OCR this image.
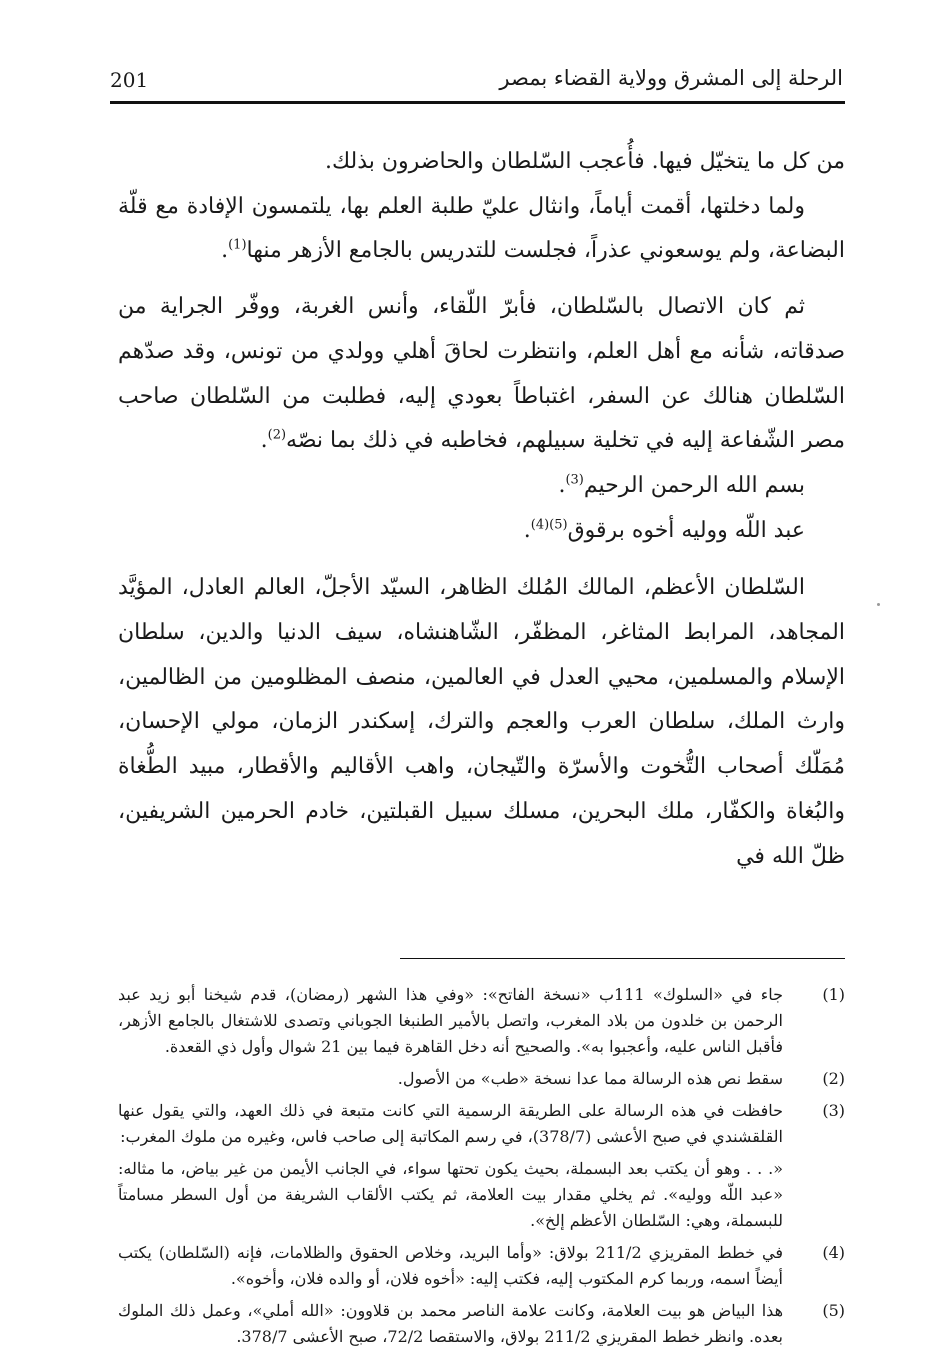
الرحلة إلى المشرق وولاية القضاء بمصر
201

من كل ما يتخيّل فيها. فأُعجب السّلطان والحاضرون بذلك.

ولما دخلتها، أقمت أياماً، وانثال عليّ طلبة العلم بها، يلتمسون الإفادة مع قلّة البضاعة، ولم يوسعوني عذراً، فجلست للتدريس بالجامع الأزهر منها$^{(1)}$.

ثم كان الاتصال بالسّلطان، فأبرّ اللّقاء، وأنس الغربة، ووفّر الجراية من صدقاته، شأنه مع أهل العلم، وانتظرت لحاقَ أهلي وولدي من تونس، وقد صدّهم السّلطان هنالك عن السفر، اغتباطاً بعودي إليه، فطلبت من السّلطان صاحب مصر الشّفاعة إليه في تخلية سبيلهم، فخاطبه في ذلك بما نصّه$^{(2)}$.

بسم الله الرحمن الرحيم$^{(3)}$.

عبد اللّه ووليه أخوه برقوق$^{(4)(5)}$.

السّلطان الأعظم، المالك المُلك الظاهر، السيّد الأجلّ، العالم العادل، المؤيَّد المجاهد، المرابط المثاغر، المظفّر، الشّاهنشاه، سيف الدنيا والدين، سلطان الإسلام والمسلمين، محيي العدل في العالمين، منصف المظلومين من الظالمين، وارث الملك، سلطان العرب والعجم والترك، إسكندر الزمان، مولي الإحسان، مُمَلّك أصحاب التُّخوت والأسرّة والتّيجان، واهب الأقاليم والأقطار، مبيد الطُّغاة والبُغاة والكفّار، ملك البحرين، مسلك سبيل القبلتين، خادم الحرمين الشريفين، ظلّ الله في

(1)
جاء في «السلوك» 111ب «نسخة الفاتح»: «وفي هذا الشهر (رمضان)، قدم شيخنا أبو زيد عبد الرحمن بن خلدون من بلاد المغرب، واتصل بالأمير الطنبغا الجوباني وتصدى للاشتغال بالجامع الأزهر، فأقبل الناس عليه، وأعجبوا به». والصحيح أنه دخل القاهرة فيما بين 21 شوال وأول ذي القعدة.
(2)
سقط نص هذه الرسالة مما عدا نسخة «طب» من الأصول.
(3)
حافظت في هذه الرسالة على الطريقة الرسمية التي كانت متبعة في ذلك العهد، والتي يقول عنها القلقشندي في صبح الأعشى (378/7)، في رسم المكاتبة إلى صاحب فاس، وغيره من ملوك المغرب:
«. . . وهو أن يكتب بعد البسملة، بحيث يكون تحتها سواء، في الجانب الأيمن من غير بياض، ما مثاله: «عبد اللّه ووليه». ثم يخلي مقدار بيت العلامة، ثم يكتب الألقاب الشريفة من أول السطر مسامتاً للبسملة، وهي: السّلطان الأعظم إلخ».
(4)
في خطط المقريزي 211/2 بولاق: «وأما البريد، وخلاص الحقوق والظلامات، فإنه (السّلطان) يكتب أيضاً اسمه، وربما كرم المكتوب إليه، فكتب إليه: «أخوه فلان، أو والده فلان، وأخوه».
(5)
هذا البياض هو بيت العلامة، وكانت علامة الناصر محمد بن قلاوون: «الله أملي»، وعمل ذلك الملوك بعده. وانظر خطط المقريزي 211/2 بولاق، والاستقصا 72/2، صبح الأعشى 378/7.
